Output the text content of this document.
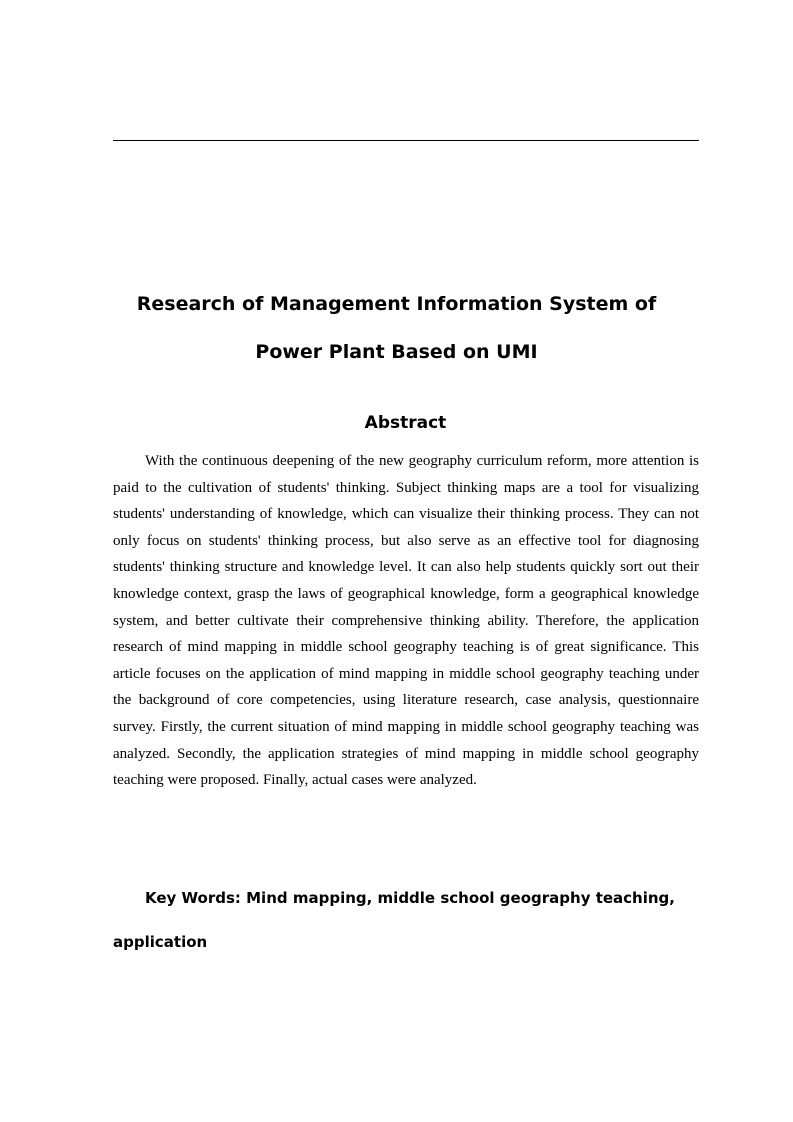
Research of Management Information System of
Power Plant Based on UMI
Abstract

With the continuous deepening of the new geography curriculum reform, more attention is paid to the cultivation of students' thinking. Subject thinking maps are a tool for visualizing students' understanding of knowledge, which can visualize their thinking process. They can not only focus on students' thinking process, but also serve as an effective tool for diagnosing students' thinking structure and knowledge level. It can also help students quickly sort out their knowledge context, grasp the laws of geographical knowledge, form a geographical knowledge system, and better cultivate their comprehensive thinking ability. Therefore, the application research of mind mapping in middle school geography teaching is of great significance. This article focuses on the application of mind mapping in middle school geography teaching under the background of core competencies, using literature research, case analysis, questionnaire survey. Firstly, the current situation of mind mapping in middle school geography teaching was analyzed. Secondly, the application strategies of mind mapping in middle school geography teaching were proposed. Finally, actual cases were analyzed.

Key Words: Mind mapping, middle school geography teaching, application
